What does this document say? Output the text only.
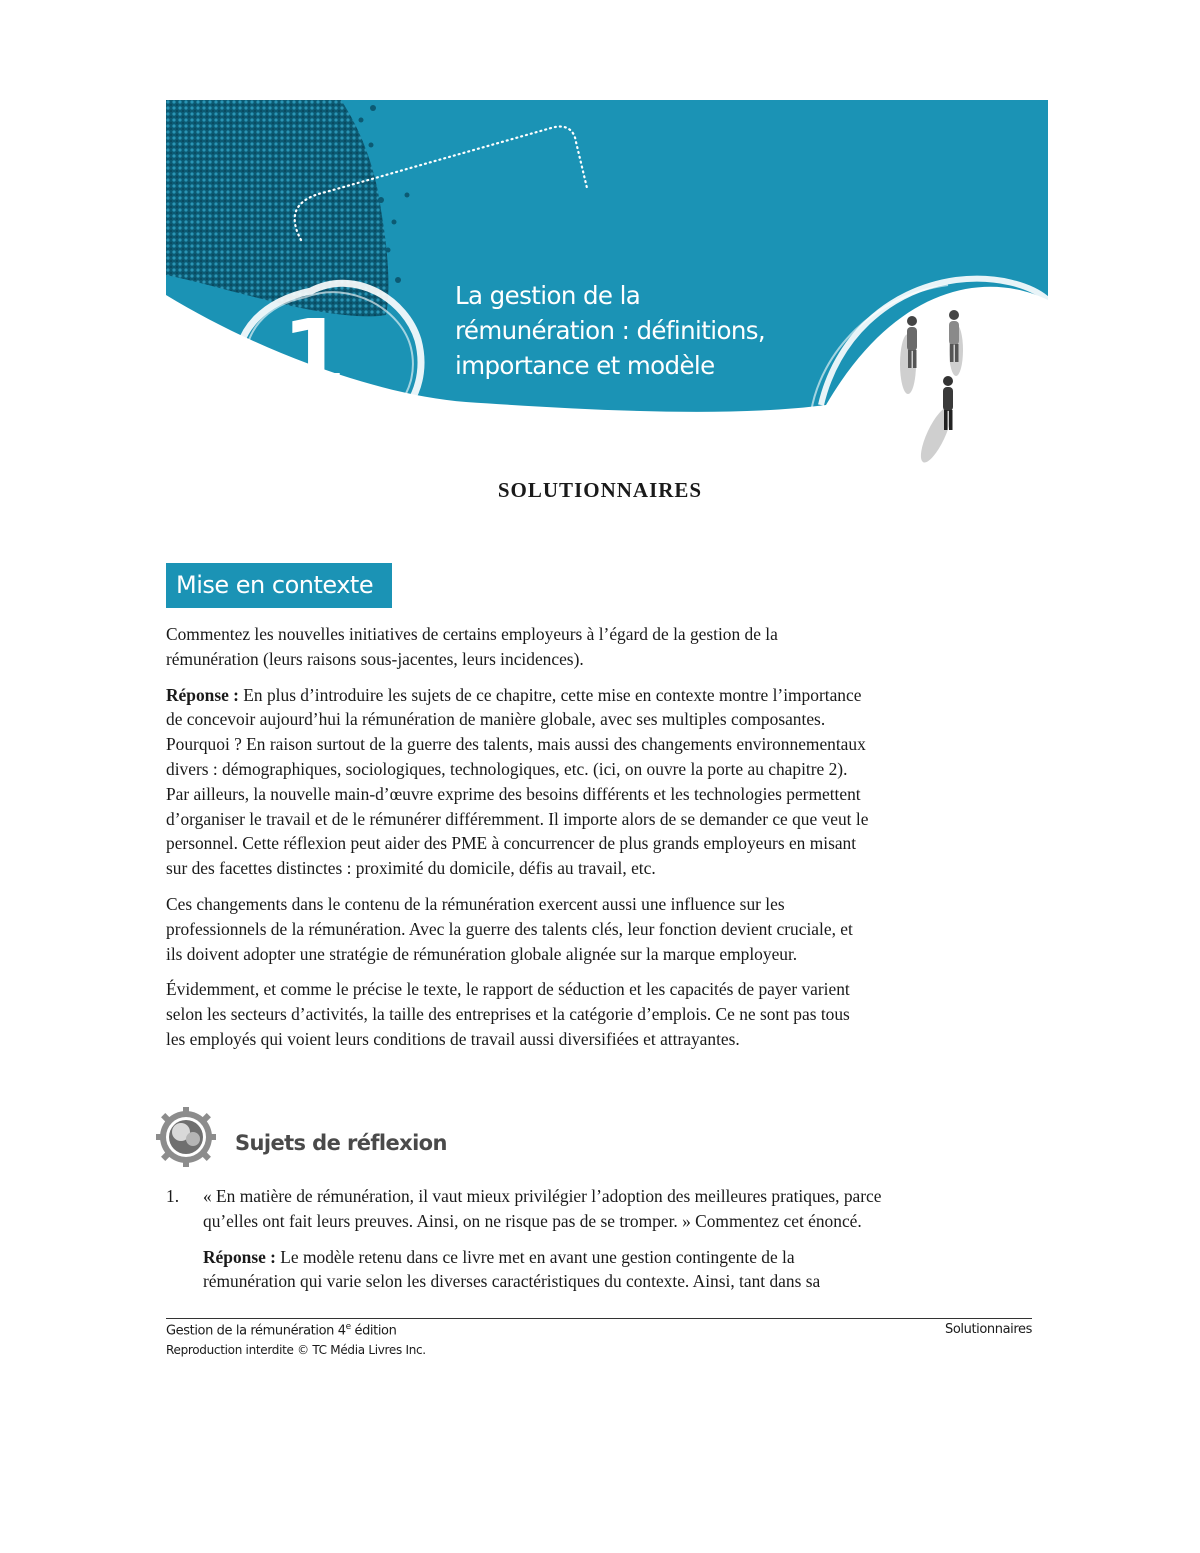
1
La gestion de la
rémunération : définitions,
importance et modèle
SOLUTIONNAIRES
Mise en contexte

Commentez les nouvelles initiatives de certains employeurs à l’égard de la gestion de la
rémunération (leurs raisons sous-jacentes, leurs incidences).

Réponse : En plus d’introduire les sujets de ce chapitre, cette mise en contexte montre l’importance
de concevoir aujourd’hui la rémunération de manière globale, avec ses multiples composantes.
Pourquoi ? En raison surtout de la guerre des talents, mais aussi des changements environnementaux
divers : démographiques, sociologiques, technologiques, etc. (ici, on ouvre la porte au chapitre 2).
Par ailleurs, la nouvelle main-d’œuvre exprime des besoins différents et les technologies permettent
d’organiser le travail et de le rémunérer différemment. Il importe alors de se demander ce que veut le
personnel. Cette réflexion peut aider des PME à concurrencer de plus grands employeurs en misant
sur des facettes distinctes : proximité du domicile, défis au travail, etc.

Ces changements dans le contenu de la rémunération exercent aussi une influence sur les
professionnels de la rémunération. Avec la guerre des talents clés, leur fonction devient cruciale, et
ils doivent adopter une stratégie de rémunération globale alignée sur la marque employeur.

Évidemment, et comme le précise le texte, le rapport de séduction et les capacités de payer varient
selon les secteurs d’activités, la taille des entreprises et la catégorie d’emplois. Ce ne sont pas tous
les employés qui voient leurs conditions de travail aussi diversifiées et attrayantes.

Sujets de réflexion

1. « En matière de rémunération, il vaut mieux privilégier l’adoption des meilleures pratiques, parce
qu’elles ont fait leurs preuves. Ainsi, on ne risque pas de se tromper. » Commentez cet énoncé.

Réponse : Le modèle retenu dans ce livre met en avant une gestion contingente de la
rémunération qui varie selon les diverses caractéristiques du contexte. Ainsi, tant dans sa

Gestion de la rémunération 4e édition	Solutionnaires
Reproduction interdite © TC Média Livres Inc.
